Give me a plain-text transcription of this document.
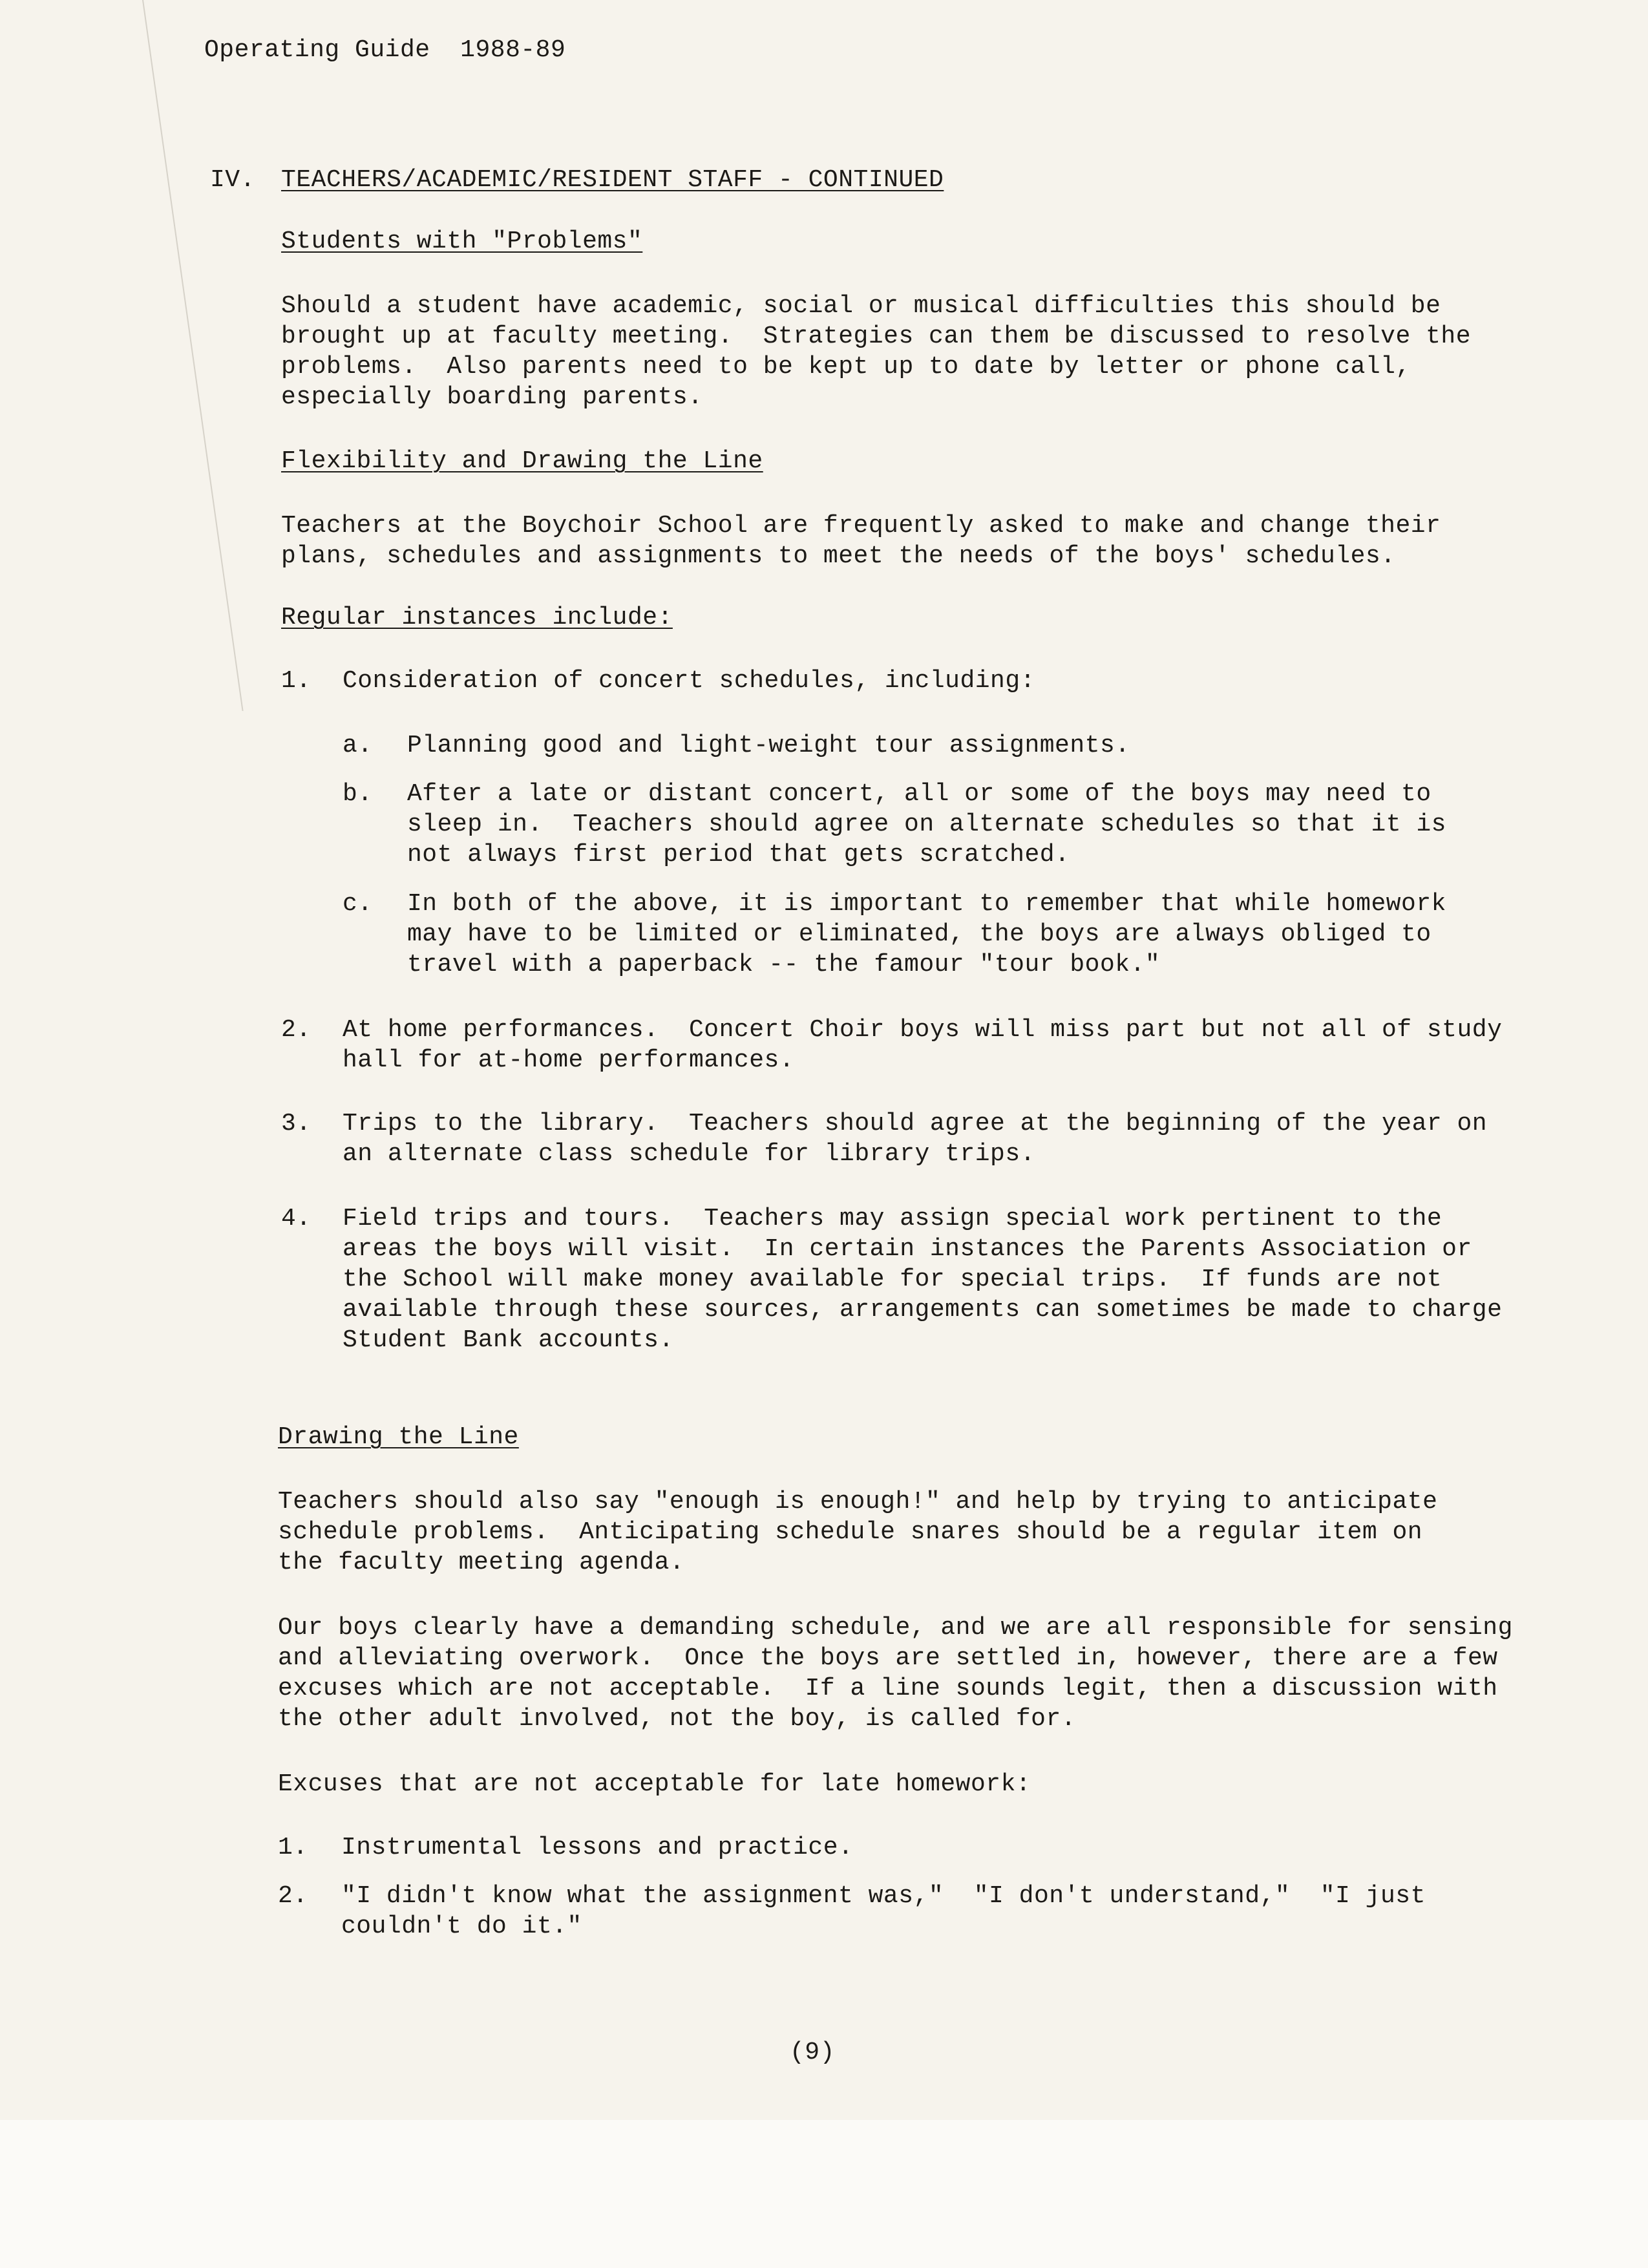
Operating Guide  1988-89
IV. TEACHERS/ACADEMIC/RESIDENT STAFF - CONTINUED
Students with "Problems"
Should a student have academic, social or musical difficulties this should be
brought up at faculty meeting.  Strategies can them be discussed to resolve the
problems.  Also parents need to be kept up to date by letter or phone call,
especially boarding parents.
Flexibility and Drawing the Line
Teachers at the Boychoir School are frequently asked to make and change their
plans, schedules and assignments to meet the needs of the boys' schedules.
Regular instances include:
1. Consideration of concert schedules, including:
a. Planning good and light-weight tour assignments.
b. After a late or distant concert, all or some of the boys may need to
sleep in.  Teachers should agree on alternate schedules so that it is
not always first period that gets scratched.
c. In both of the above, it is important to remember that while homework
may have to be limited or eliminated, the boys are always obliged to
travel with a paperback -- the famour "tour book."
2. At home performances.  Concert Choir boys will miss part but not all of study
hall for at-home performances.
3. Trips to the library.  Teachers should agree at the beginning of the year on
an alternate class schedule for library trips.
4. Field trips and tours.  Teachers may assign special work pertinent to the
areas the boys will visit.  In certain instances the Parents Association or
the School will make money available for special trips.  If funds are not
available through these sources, arrangements can sometimes be made to charge
Student Bank accounts.
Drawing the Line
Teachers should also say "enough is enough!" and help by trying to anticipate
schedule problems.  Anticipating schedule snares should be a regular item on
the faculty meeting agenda.
Our boys clearly have a demanding schedule, and we are all responsible for sensing
and alleviating overwork.  Once the boys are settled in, however, there are a few
excuses which are not acceptable.  If a line sounds legit, then a discussion with
the other adult involved, not the boy, is called for.
Excuses that are not acceptable for late homework:
1. Instrumental lessons and practice.
2. "I didn't know what the assignment was,"  "I don't understand,"  "I just
couldn't do it."
(9)
